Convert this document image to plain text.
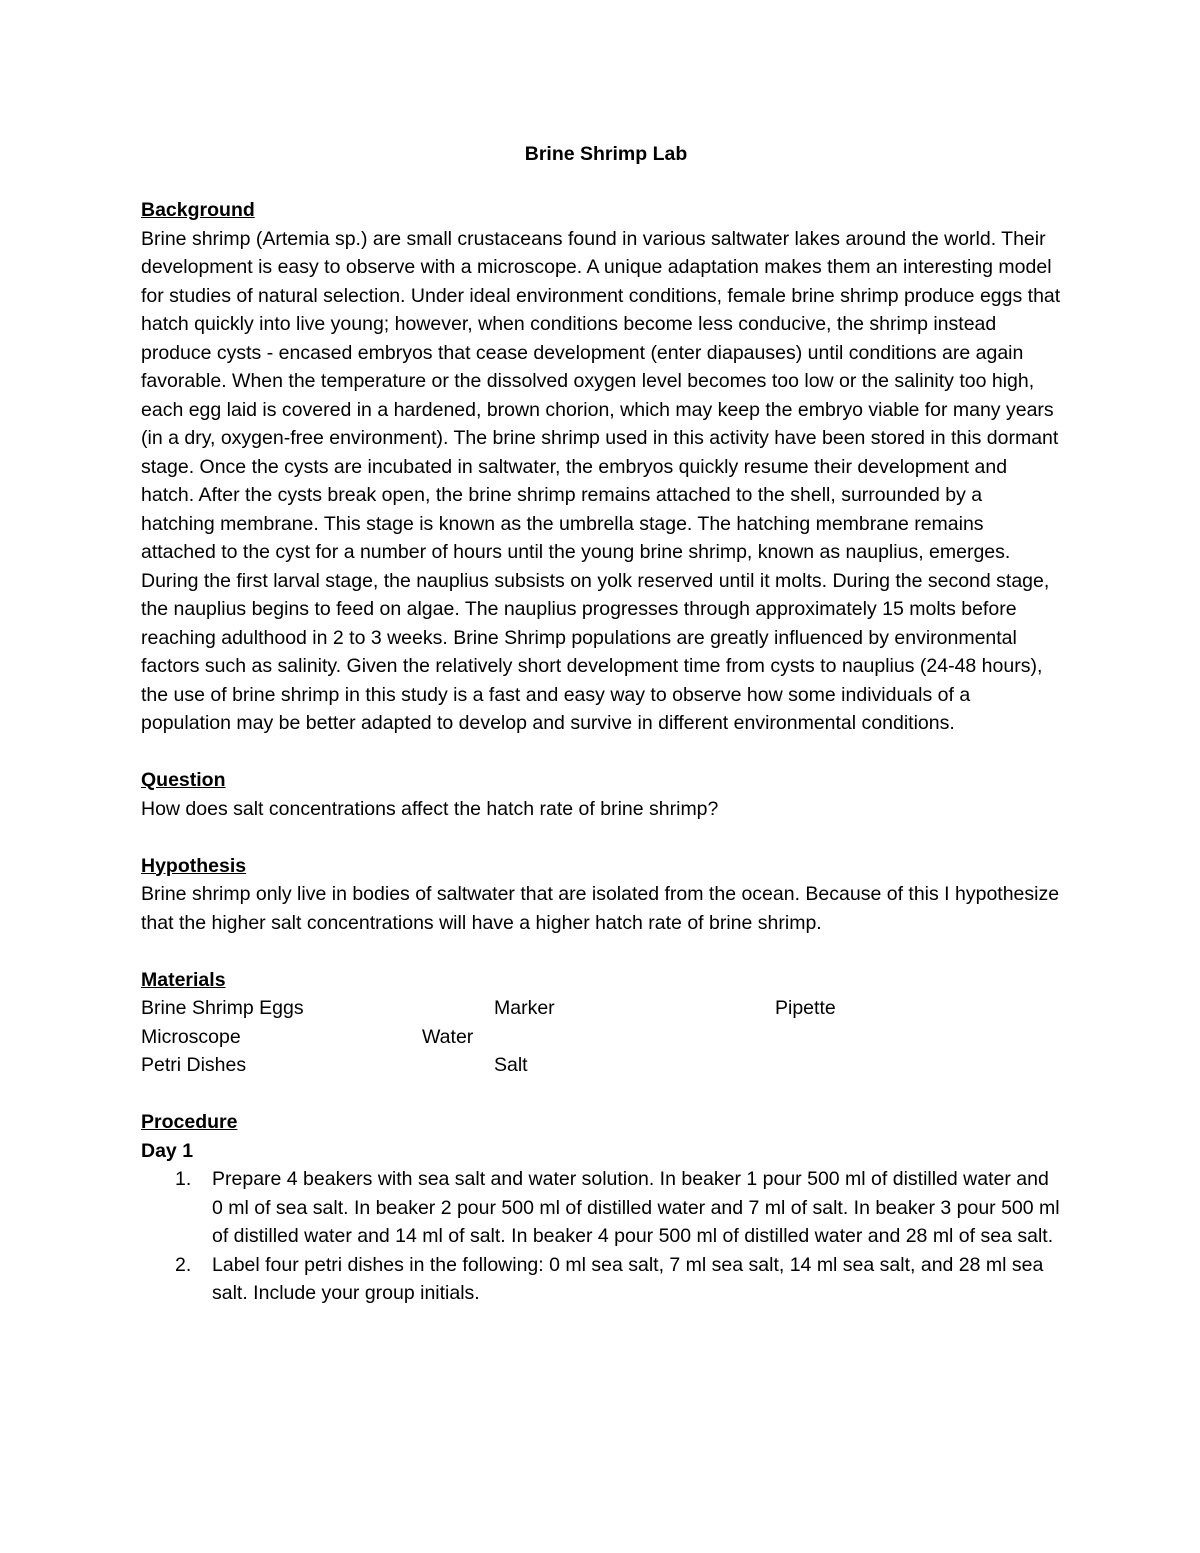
Brine Shrimp Lab

Background

Brine shrimp (Artemia sp.) are small crustaceans found in various saltwater lakes around the world. Their development is easy to observe with a microscope. A unique adaptation makes them an interesting model for studies of natural selection. Under ideal environment conditions, female brine shrimp produce eggs that hatch quickly into live young; however, when conditions become less conducive, the shrimp instead produce cysts - encased embryos that cease development (enter diapauses) until conditions are again favorable. When the temperature or the dissolved oxygen level becomes too low or the salinity too high, each egg laid is covered in a hardened, brown chorion, which may keep the embryo viable for many years (in a dry, oxygen-free environment). The brine shrimp used in this activity have been stored in this dormant stage. Once the cysts are incubated in saltwater, the embryos quickly resume their development and hatch. After the cysts break open, the brine shrimp remains attached to the shell, surrounded by a hatching membrane. This stage is known as the umbrella stage. The hatching membrane remains attached to the cyst for a number of hours until the young brine shrimp, known as nauplius, emerges. During the first larval stage, the nauplius subsists on yolk reserved until it molts. During the second stage, the nauplius begins to feed on algae. The nauplius progresses through approximately 15 molts before reaching adulthood in 2 to 3 weeks. Brine Shrimp populations are greatly influenced by environmental factors such as salinity. Given the relatively short development time from cysts to nauplius (24-48 hours), the use of brine shrimp in this study is a fast and easy way to observe how some individuals of a population may be better adapted to develop and survive in different environmental conditions.

Question

How does salt concentrations affect the hatch rate of brine shrimp?

Hypothesis

Brine shrimp only live in bodies of saltwater that are isolated from the ocean. Because of this I hypothesize that the higher salt concentrations will have a higher hatch rate of brine shrimp.

Materials

Brine Shrimp Eggs	Marker	Pipette
Microscope	Water
Petri Dishes	Salt

Procedure

Day 1

1. Prepare 4 beakers with sea salt and water solution. In beaker 1 pour 500 ml of distilled water and 0 ml of sea salt. In beaker 2 pour 500 ml of distilled water and 7 ml of salt. In beaker 3 pour 500 ml of distilled water and 14 ml of salt. In beaker 4 pour 500 ml of distilled water and 28 ml of sea salt.
2. Label four petri dishes in the following: 0 ml sea salt, 7 ml sea salt, 14 ml sea salt, and 28 ml sea salt. Include your group initials.
